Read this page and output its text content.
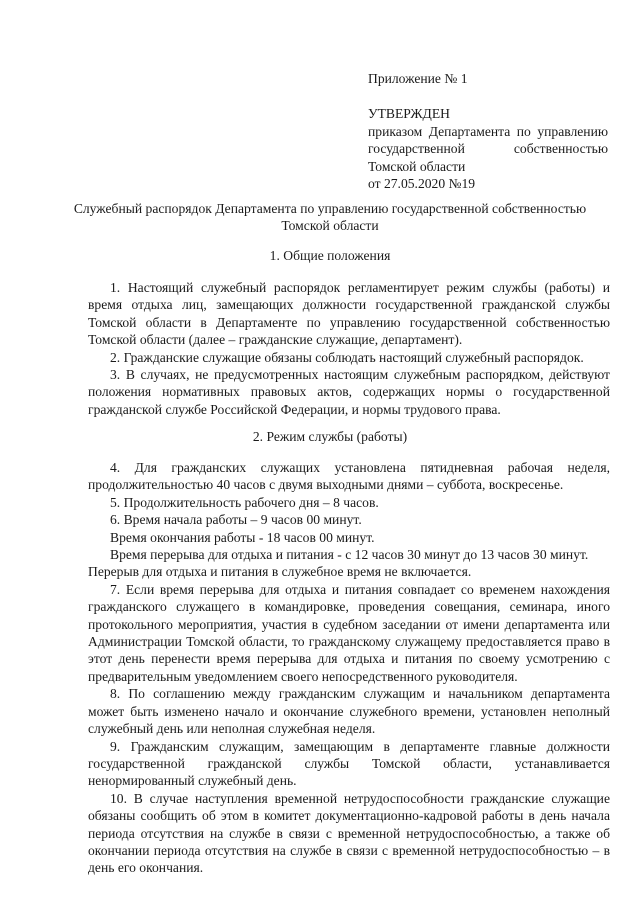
Приложение № 1
УТВЕРЖДЕН
приказом Департамента по управлению
государственной собственностью
Томской области
от 27.05.2020 №19
Служебный распорядок Департамента по управлению государственной собственностью
Томской области
1. Общие положения

1. Настоящий служебный распорядок регламентирует режим службы (работы) и время отдыха лиц, замещающих должности государственной гражданской службы Томской области в Департаменте по управлению государственной собственностью Томской области (далее – гражданские служащие, департамент).

2. Гражданские служащие обязаны соблюдать настоящий служебный распорядок.

3. В случаях, не предусмотренных настоящим служебным распорядком, действуют положения нормативных правовых актов, содержащих нормы о государственной гражданской службе Российской Федерации, и нормы трудового права.

2. Режим службы (работы)

4. Для гражданских служащих установлена пятидневная рабочая неделя, продолжительностью 40 часов с двумя выходными днями – суббота, воскресенье.

5. Продолжительность рабочего дня – 8 часов.

6. Время начала работы – 9 часов 00 минут.

Время окончания работы - 18 часов 00 минут.

Время перерыва для отдыха и питания - с 12 часов 30 минут до 13 часов 30 минут.

Перерыв для отдыха и питания в служебное время не включается.

7. Если время перерыва для отдыха и питания совпадает со временем нахождения гражданского служащего в командировке, проведения совещания, семинара, иного протокольного мероприятия, участия в судебном заседании от имени департамента или Администрации Томской области, то гражданскому служащему предоставляется право в этот день перенести время перерыва для отдыха и питания по своему усмотрению с предварительным уведомлением своего непосредственного руководителя.

8. По соглашению между гражданским служащим и начальником департамента может быть изменено начало и окончание служебного времени, установлен неполный служебный день или неполная служебная неделя.

9. Гражданским служащим, замещающим в департаменте главные должности государственной гражданской службы Томской области, устанавливается ненормированный служебный день.

10. В случае наступления временной нетрудоспособности гражданские служащие обязаны сообщить об этом в комитет документационно-кадровой работы в день начала периода отсутствия на службе в связи с временной нетрудоспособностью, а также об окончании периода отсутствия на службе в связи с временной нетрудоспособностью – в день его окончания.
